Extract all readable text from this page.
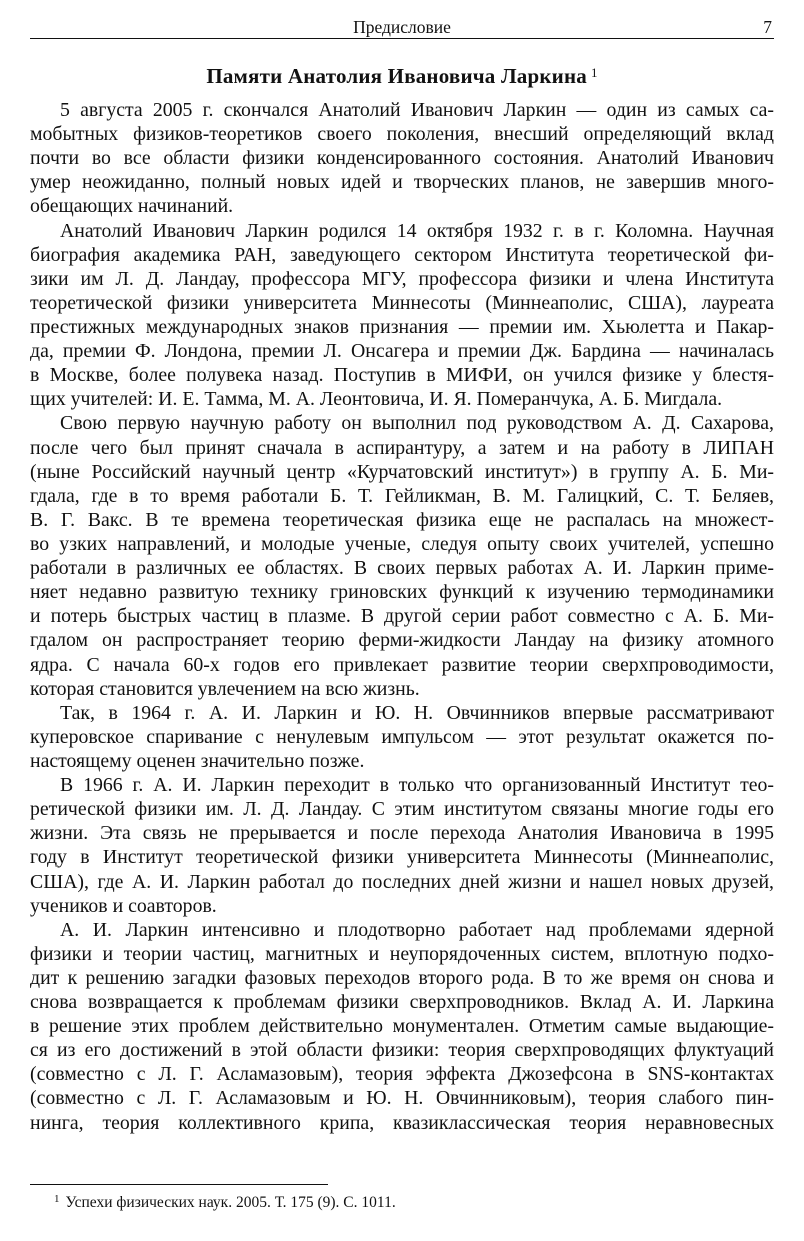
Предисловие	7
Памяти Анатолия Ивановича Ларкина $^1$
5 августа 2005 г. скончался Анатолий Иванович Ларкин — один из самых са-
мобытных физиков-теоретиков своего поколения, внесший определяющий вклад
почти во все области физики конденсированного состояния. Анатолий Иванович
умер неожиданно, полный новых идей и творческих планов, не завершив много-
обещающих начинаний.
Анатолий Иванович Ларкин родился 14 октября 1932 г. в г. Коломна. Научная
биография академика РАН, заведующего сектором Института теоретической фи-
зики им Л. Д. Ландау, профессора МГУ, профессора физики и члена Института
теоретической физики университета Миннесоты (Миннеаполис, США), лауреата
престижных международных знаков признания — премии им. Хьюлетта и Пакар-
да, премии Ф. Лондона, премии Л. Онсагера и премии Дж. Бардина — начиналась
в Москве, более полувека назад. Поступив в МИФИ, он учился физике у блестя-
щих учителей: И. Е. Тамма, М. А. Леонтовича, И. Я. Померанчука, А. Б. Мигдала.
Свою первую научную работу он выполнил под руководством А. Д. Сахарова,
после чего был принят сначала в аспирантуру, а затем и на работу в ЛИПАН
(ныне Российский научный центр «Курчатовский институт») в группу А. Б. Ми-
гдала, где в то время работали Б. Т. Гейликман, В. М. Галицкий, С. Т. Беляев,
В. Г. Вакс. В те времена теоретическая физика еще не распалась на множест-
во узких направлений, и молодые ученые, следуя опыту своих учителей, успешно
работали в различных ее областях. В своих первых работах А. И. Ларкин приме-
няет недавно развитую технику гриновских функций к изучению термодинамики
и потерь быстрых частиц в плазме. В другой серии работ совместно с А. Б. Ми-
гдалом он распространяет теорию ферми-жидкости Ландау на физику атомного
ядра. С начала 60-х годов его привлекает развитие теории сверхпроводимости,
которая становится увлечением на всю жизнь.
Так, в 1964 г. А. И. Ларкин и Ю. Н. Овчинников впервые рассматривают
куперовское спаривание с ненулевым импульсом — этот результат окажется по-
настоящему оценен значительно позже.
В 1966 г. А. И. Ларкин переходит в только что организованный Институт тео-
ретической физики им. Л. Д. Ландау. С этим институтом связаны многие годы его
жизни. Эта связь не прерывается и после перехода Анатолия Ивановича в 1995
году в Институт теоретической физики университета Миннесоты (Миннеаполис,
США), где А. И. Ларкин работал до последних дней жизни и нашел новых друзей,
учеников и соавторов.
А. И. Ларкин интенсивно и плодотворно работает над проблемами ядерной
физики и теории частиц, магнитных и неупорядоченных систем, вплотную подхо-
дит к решению загадки фазовых переходов второго рода. В то же время он снова и
снова возвращается к проблемам физики сверхпроводников. Вклад А. И. Ларкина
в решение этих проблем действительно монументален. Отметим самые выдающие-
ся из его достижений в этой области физики: теория сверхпроводящих флуктуаций
(совместно с Л. Г. Асламазовым), теория эффекта Джозефсона в SNS-контактах
(совместно с Л. Г. Асламазовым и Ю. Н. Овчинниковым), теория слабого пин-
нинга, теория коллективного крипа, квазиклассическая теория неравновесных
$^1$ Успехи физических наук. 2005. Т. 175 (9). С. 1011.
